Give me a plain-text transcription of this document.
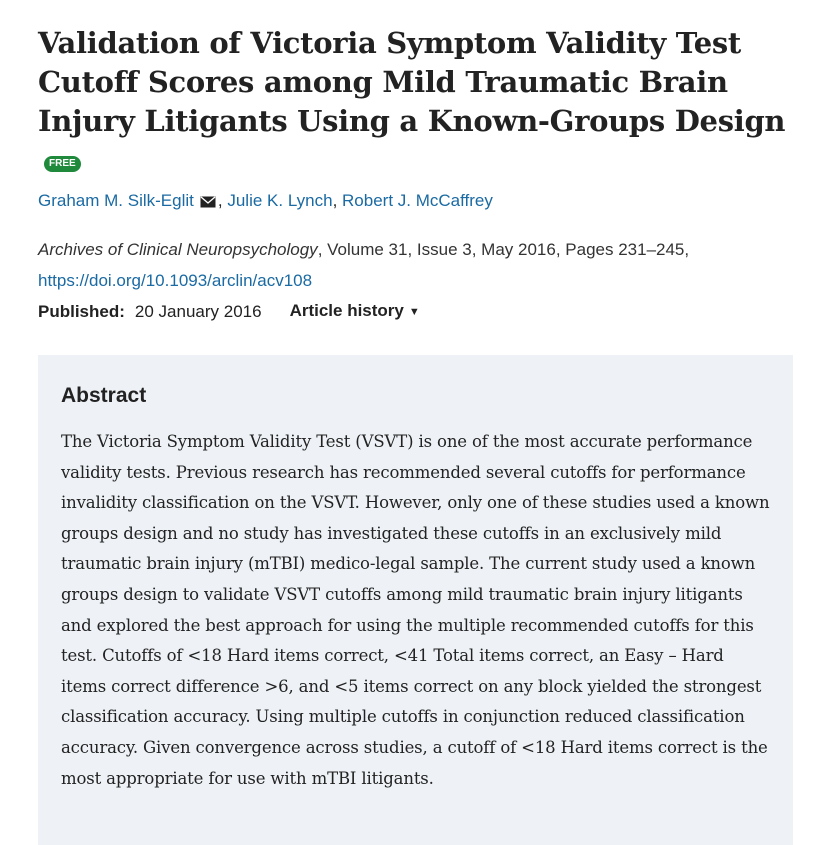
Validation of Victoria Symptom Validity Test Cutoff Scores among Mild Traumatic Brain Injury Litigants Using a Known-Groups DesignFREE
Graham M. Silk-Eglit , Julie K. Lynch, Robert J. McCaffrey
Archives of Clinical Neuropsychology, Volume 31, Issue 3, May 2016, Pages 231–245,
https://doi.org/10.1093/arclin/acv108
Published: 20 January 2016 Article history ▼
Abstract

The Victoria Symptom Validity Test (VSVT) is one of the most accurate performance validity tests. Previous research has recommended several cutoffs for performance invalidity classification on the VSVT. However, only one of these studies used a known groups design and no study has investigated these cutoffs in an exclusively mild traumatic brain injury (mTBI) medico-legal sample. The current study used a known groups design to validate VSVT cutoffs among mild traumatic brain injury litigants and explored the best approach for using the multiple recommended cutoffs for this test. Cutoffs of <18 Hard items correct, <41 Total items correct, an Easy – Hard items correct difference >6, and <5 items correct on any block yielded the strongest classification accuracy. Using multiple cutoffs in conjunction reduced classification accuracy. Given convergence across studies, a cutoff of <18 Hard items correct is the most appropriate for use with mTBI litigants.
